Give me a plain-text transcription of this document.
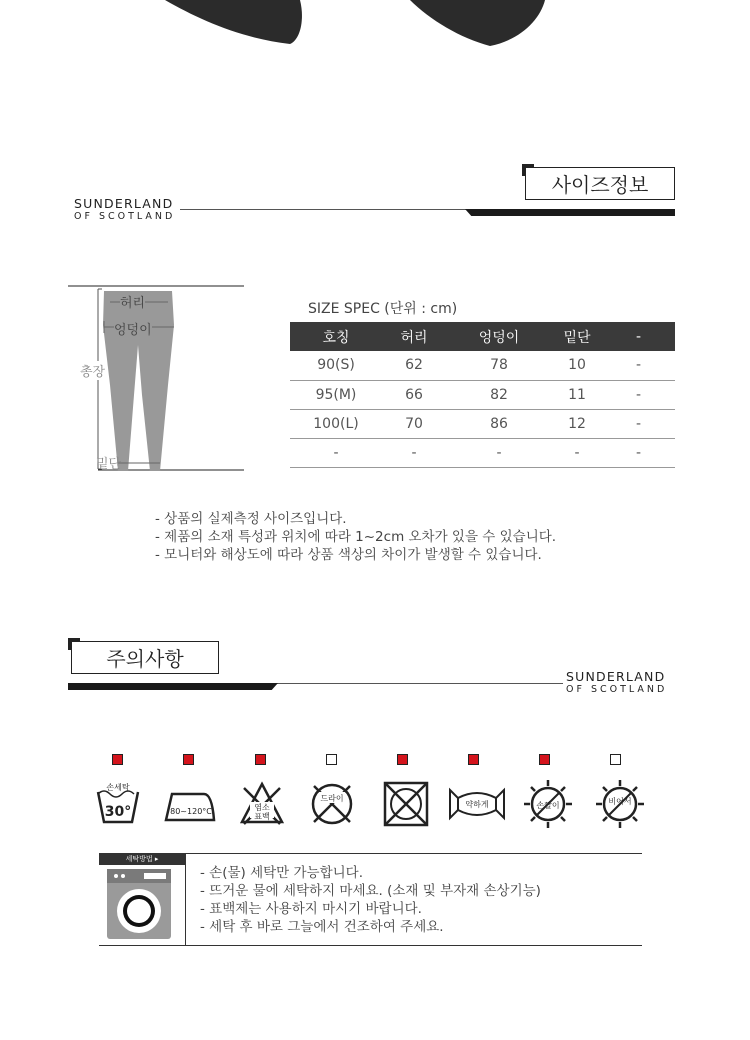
사이즈정보
SUNDERLAND
OF SCOTLAND
허리
엉덩이
총장
밑단
SIZE SPEC (단위 : cm)
호칭	허리	엉덩이	밑단	-
90(S)	62	78	10	-
95(M)	66	82	11	-
100(L)	70	86	12	-
-	-	-	-	-
- 상품의 실제측정 사이즈입니다.
- 제품의 소재 특성과 위치에 따라 1~2cm 오차가 있을 수 있습니다.
- 모니터와 해상도에 따라 상품 색상의 차이가 발생할 수 있습니다.
주의사항
SUNDERLAND
OF SCOTLAND
손세탁
30°	80~120°C	염소
표백
드라이
약하게	손짤이	비어서
세탁방법 ▸
- 손(물) 세탁만 가능합니다.
- 뜨거운 물에 세탁하지 마세요. (소재 및 부자재 손상기능)
- 표백제는 사용하지 마시기 바랍니다.
- 세탁 후 바로 그늘에서 건조하여 주세요.
